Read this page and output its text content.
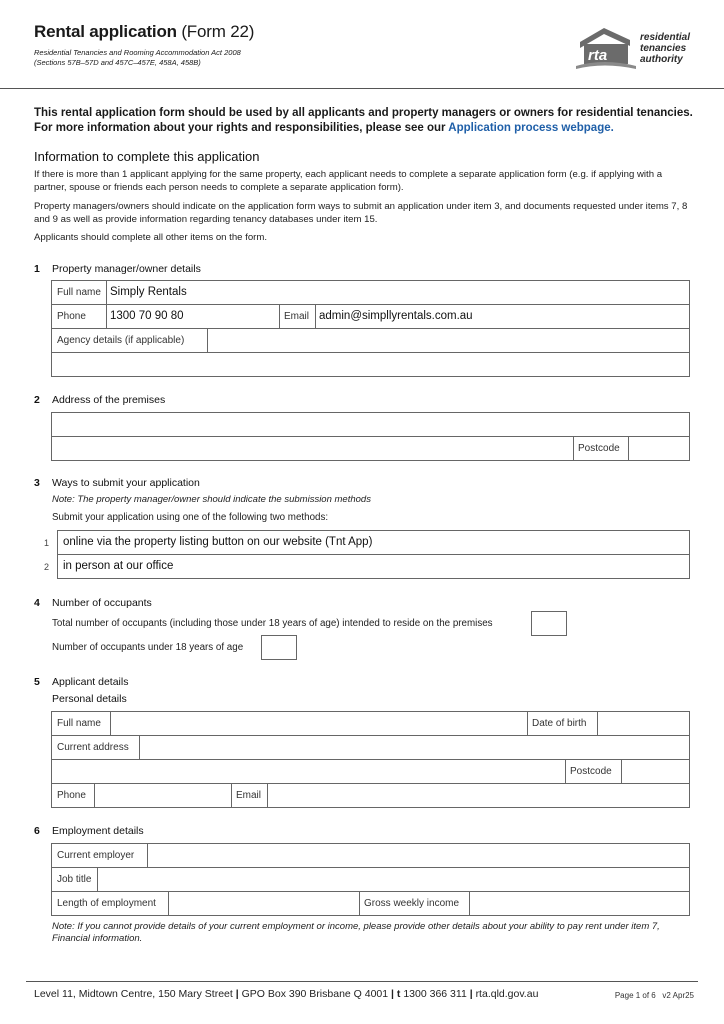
Rental application (Form 22)
Residential Tenancies and Rooming Accommodation Act 2008
(Sections 57B–57D and 457C–457E, 458A, 458B)	rta
residential
tenancies
authority
This rental application form should be used by all applicants and property managers or owners for residential tenancies.
For more information about your rights and responsibilities, please see our Application process webpage.
Information to complete this application
If there is more than 1 applicant applying for the same property, each applicant needs to complete a separate application form (e.g. if applying with a partner, spouse or friends each person needs to complete a separate application form).
Property managers/owners should indicate on the application form ways to submit an application under item 3, and documents requested under items 7, 8 and 9 as well as provide information regarding tenancy databases under item 15.
Applicants should complete all other items on the form.
1 Property manager/owner details
Full name Simply Rentals
Phone	1300 70 90 80	Email admin@simpllyrentals.com.au
Agency details (if applicable)
2 Address of the premises
Postcode
3 Ways to submit your application
Note: The property manager/owner should indicate the submission methods
Submit your application using one of the following two methods:
1
2
online via the property listing button on our website (Tnt App)
in person at our office
4 Number of occupants
Total number of occupants (including those under 18 years of age) intended to reside on the premises
Number of occupants under 18 years of age
5 Applicant details
Personal details
Full name	Date of birth
Current address
Postcode
Phone	Email
6 Employment details
Current employer
Job title
Length of employment	Gross weekly income
Note: If you cannot provide details of your current employment or income, please provide other details about your ability to pay rent under item 7, Financial information.
Level 11, Midtown Centre, 150 Mary Street | GPO Box 390 Brisbane Q 4001 | t 1300 366 311 | rta.qld.gov.au	Page 1 of 6 v2 Apr25
